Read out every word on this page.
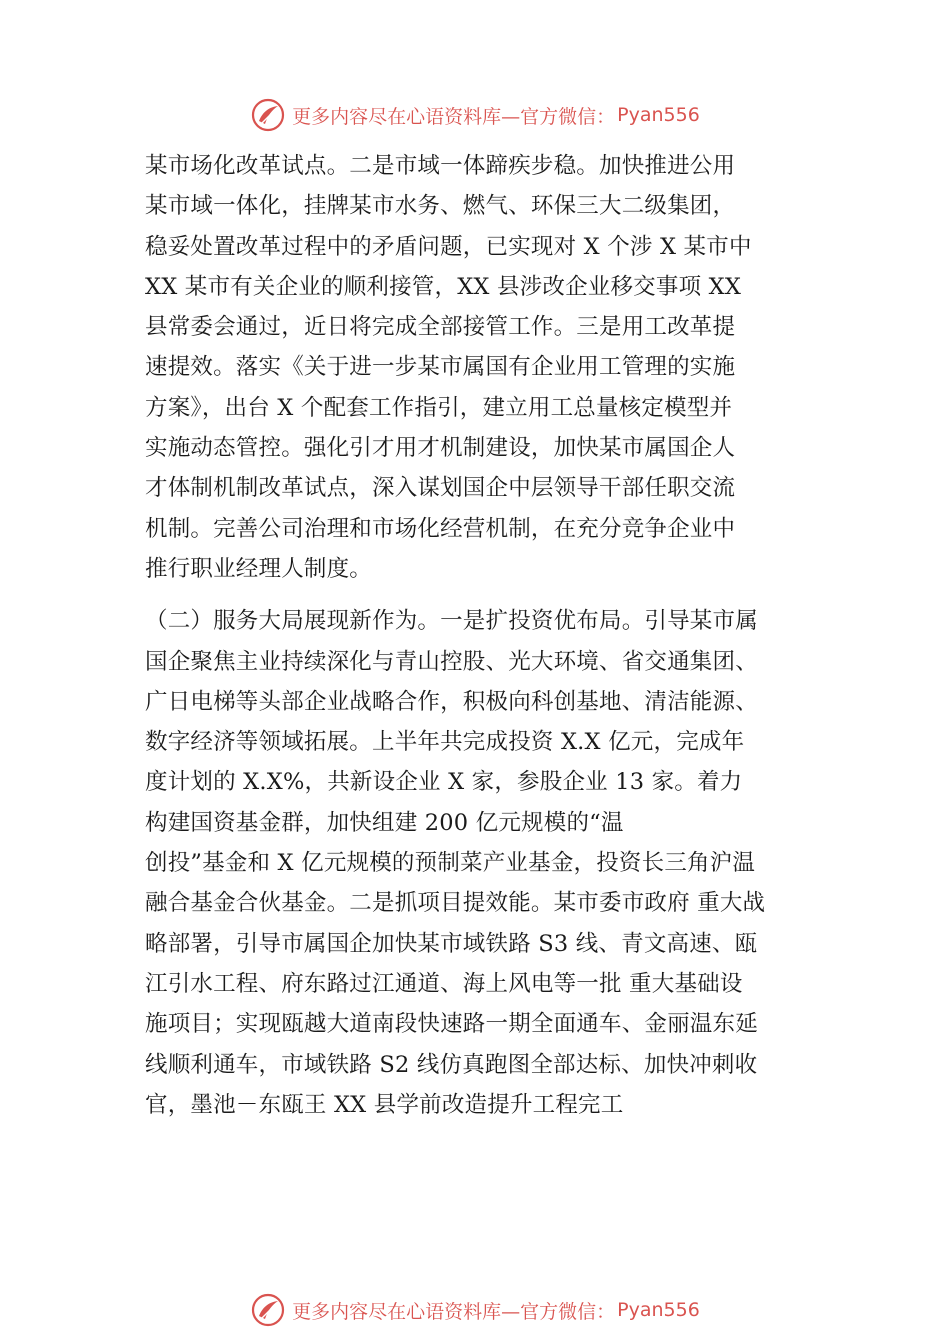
更多内容尽在心语资料库—官方微信： Pyan556

某市场化改革试点。二是市域一体蹄疾步稳。加快推进公用
某市域一体化，挂牌某市水务、燃气、环保三大二级集团，
稳妥处置改革过程中的矛盾问题，已实现对 X 个涉 X 某市中
XX 某市有关企业的顺利接管，XX 县涉改企业移交事项 XX
县常委会通过，近日将完成全部接管工作。三是用工改革提
速提效。落实《关于进一步某市属国有企业用工管理的实施
方案》，出台 X 个配套工作指引，建立用工总量核定模型并
实施动态管控。强化引才用才机制建设，加快某市属国企人
才体制机制改革试点，深入谋划国企中层领导干部任职交流
机制。完善公司治理和市场化经营机制，在充分竞争企业中
推行职业经理人制度。

（二）服务大局展现新作为。一是扩投资优布局。引导某市属
国企聚焦主业持续深化与青山控股、光大环境、省交通集团、
广日电梯等头部企业战略合作，积极向科创基地、清洁能源、
数字经济等领域拓展。上半年共完成投资 X.X 亿元，完成年
度计划的 X.X%，共新设企业 X 家，参股企业 13 家。着力
构建国资基金群，加快组建 200 亿元规模的“温
创投”基金和 X 亿元规模的预制菜产业基金，投资长三角沪温
融合基金合伙基金。二是抓项目提效能。某市委市政府 重大战
略部署，引导市属国企加快某市域铁路 S3 线、青文高速、瓯
江引水工程、府东路过江通道、海上风电等一批 重大基础设
施项目；实现瓯越大道南段快速路一期全面通车、金丽温东延
线顺利通车，市域铁路 S2 线仿真跑图全部达标、加快冲刺收
官，墨池－东瓯王 XX 县学前改造提升工程完工

更多内容尽在心语资料库—官方微信： Pyan556
